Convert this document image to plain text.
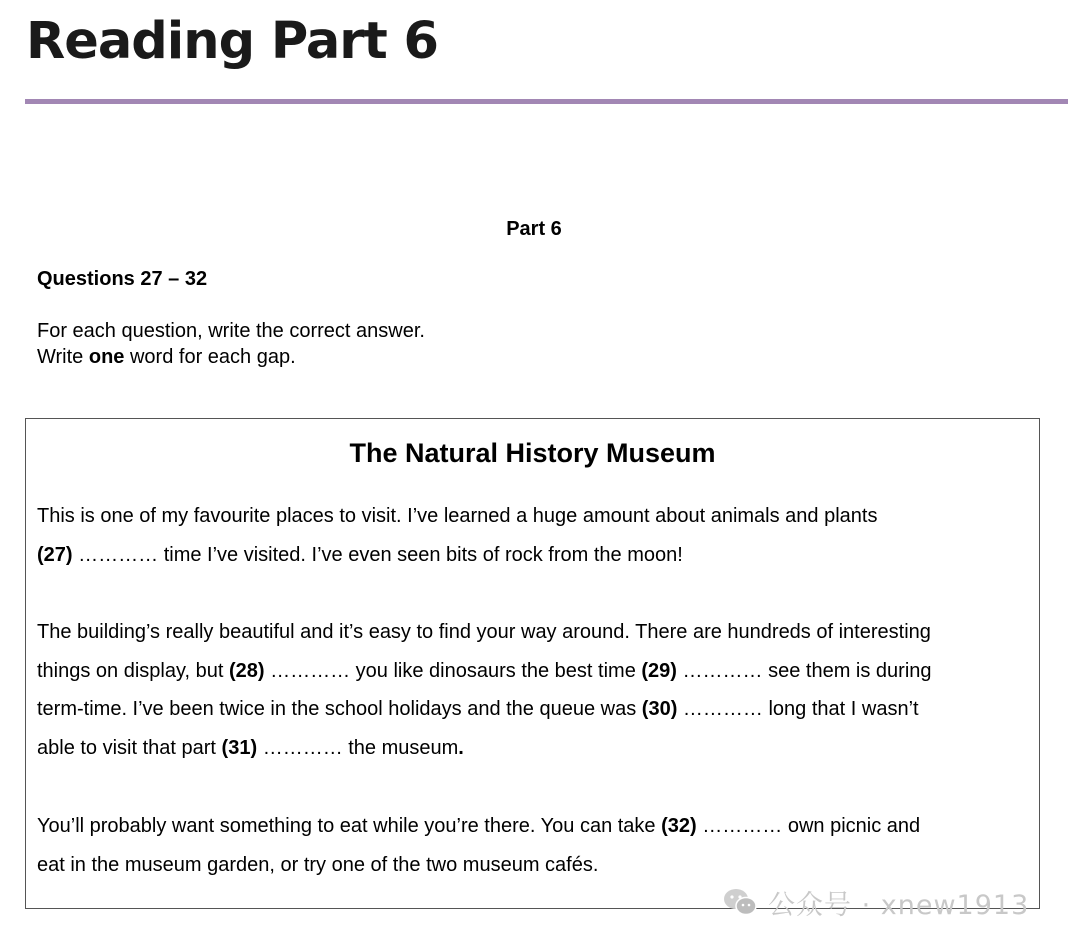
Reading Part 6
Part 6
Questions 27 – 32
For each question, write the correct answer.
Write one word for each gap.
The Natural History Museum
This is one of my favourite places to visit. I’ve learned a huge amount about animals and plants
(27) ………… time I’ve visited. I’ve even seen bits of rock from the moon!
The building’s really beautiful and it’s easy to find your way around. There are hundreds of interesting
things on display, but (28) ………… you like dinosaurs the best time (29) ………… see them is during
term-time. I’ve been twice in the school holidays and the queue was (30) ………… long that I wasn’t
able to visit that part (31) ………… the museum.
You’ll probably want something to eat while you’re there. You can take (32) ………… own picnic and
eat in the museum garden, or try one of the two museum cafés.
公众号 · xnew1913
